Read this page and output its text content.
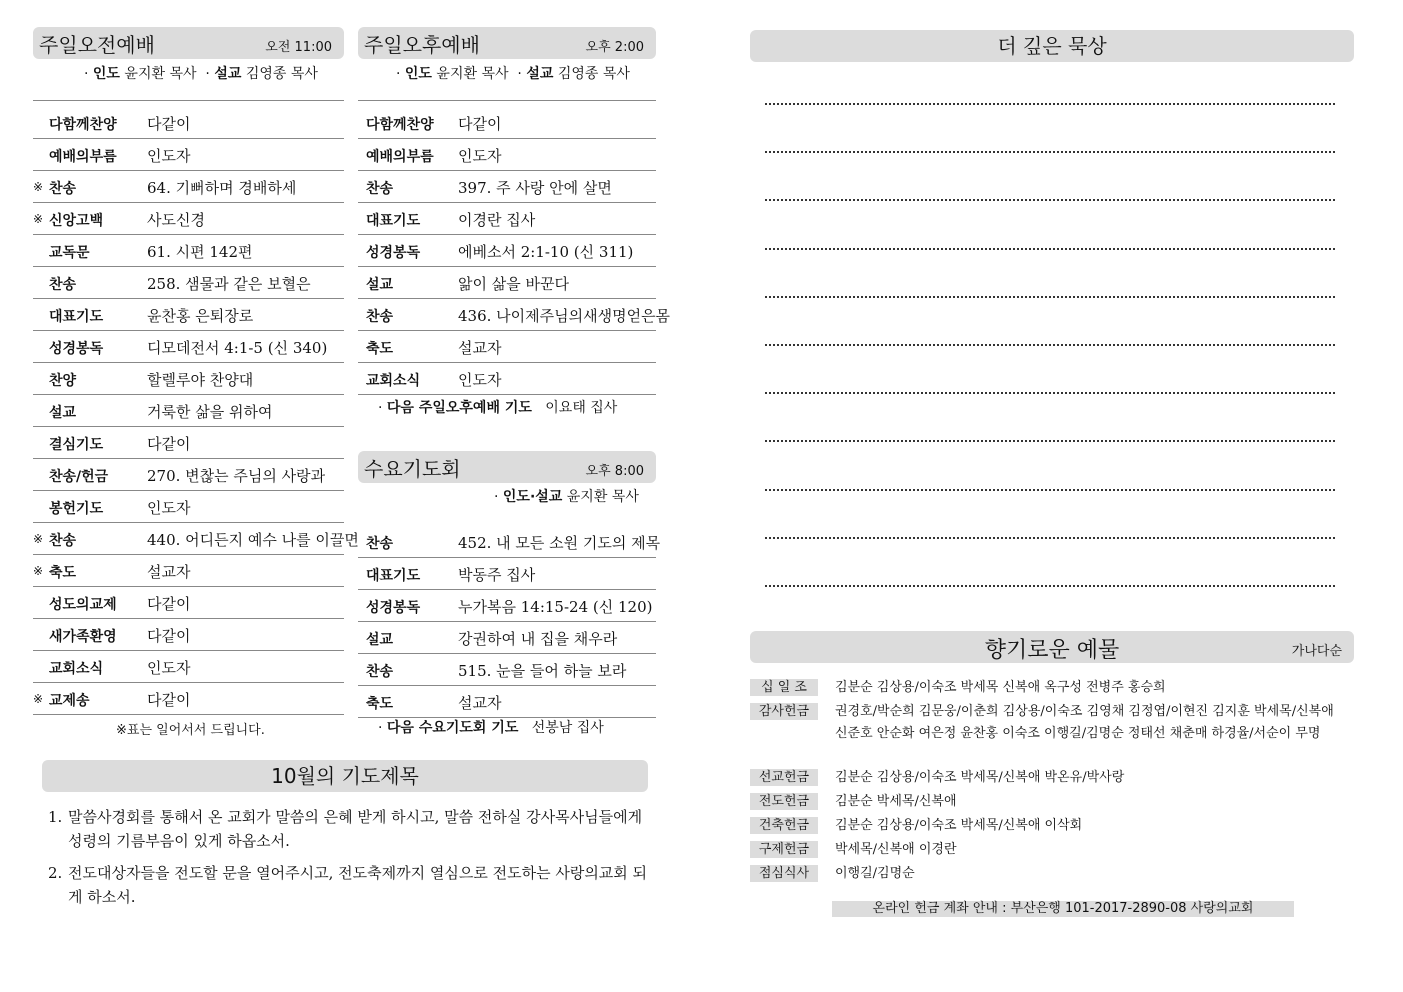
주일오전예배	오전 11:00
· 인도 윤지환 목사  · 설교 김영종 목사
다함께찬양	다같이
예배의부름	인도자
※ 찬송	64. 기뻐하며 경배하세
※ 신앙고백	사도신경
교독문	61. 시편 142편
찬송	258. 샘물과 같은 보혈은
대표기도	윤찬홍 은퇴장로
성경봉독	디모데전서 4:1-5 (신 340)
찬양	할렐루야 찬양대
설교	거룩한 삶을 위하여
결심기도	다같이
찬송/헌금	270. 변찮는 주님의 사랑과
봉헌기도	인도자
※ 찬송	440. 어디든지 예수 나를 이끌면
※ 축도	설교자
성도의교제	다같이
새가족환영	다같이
교회소식	인도자
※ 교제송	다같이
※표는 일어서서 드립니다.
주일오후예배	오후 2:00
· 인도 윤지환 목사  · 설교 김영종 목사
다함께찬양	다같이
예배의부름	인도자
찬송	397. 주 사랑 안에 살면
대표기도	이경란 집사
성경봉독	에베소서 2:1-10 (신 311)
설교	앎이 삶을 바꾼다
찬송	436. 나이제주님의새생명얻은몸
축도	설교자
교회소식	인도자
· 다음 주일오후예배 기도 이요태 집사
수요기도회	오후 8:00
· 인도·설교 윤지환 목사
찬송	452. 내 모든 소원 기도의 제목
대표기도	박동주 집사
성경봉독	누가복음 14:15-24 (신 120)
설교	강권하여 내 집을 채우라
찬송	515. 눈을 들어 하늘 보라
축도	설교자
· 다음 수요기도회 기도 선봉남 집사
10월의 기도제목
1. 말씀사경회를 통해서 온 교회가 말씀의 은혜 받게 하시고, 말씀 전하실 강사목사님들에게 성령의 기름부음이 있게 하옵소서.
2. 전도대상자들을 전도할 문을 열어주시고, 전도축제까지 열심으로 전도하는 사랑의교회 되게 하소서.
더 깊은 묵상
향기로운 예물	가나다순
십 일 조	김분순 김상용/이숙조 박세목 신복애 옥구성 전병주 홍승희
감사헌금	권경호/박순희 김문웅/이춘희 김상용/이숙조 김영채 김정엽/이현진 김지훈 박세목/신복애 신준호 안순화 여은정 윤찬홍 이숙조 이행길/김명순 정태선 채춘매 하경율/서순이 무명
선교헌금	김분순 김상용/이숙조 박세목/신복애 박온유/박사랑
전도헌금	김분순 박세목/신복애
건축헌금	김분순 김상용/이숙조 박세목/신복애 이삭회
구제헌금	박세목/신복애 이경란
점심식사	이행길/김명순
온라인 헌금 계좌 안내 : 부산은행 101-2017-2890-08 사랑의교회
